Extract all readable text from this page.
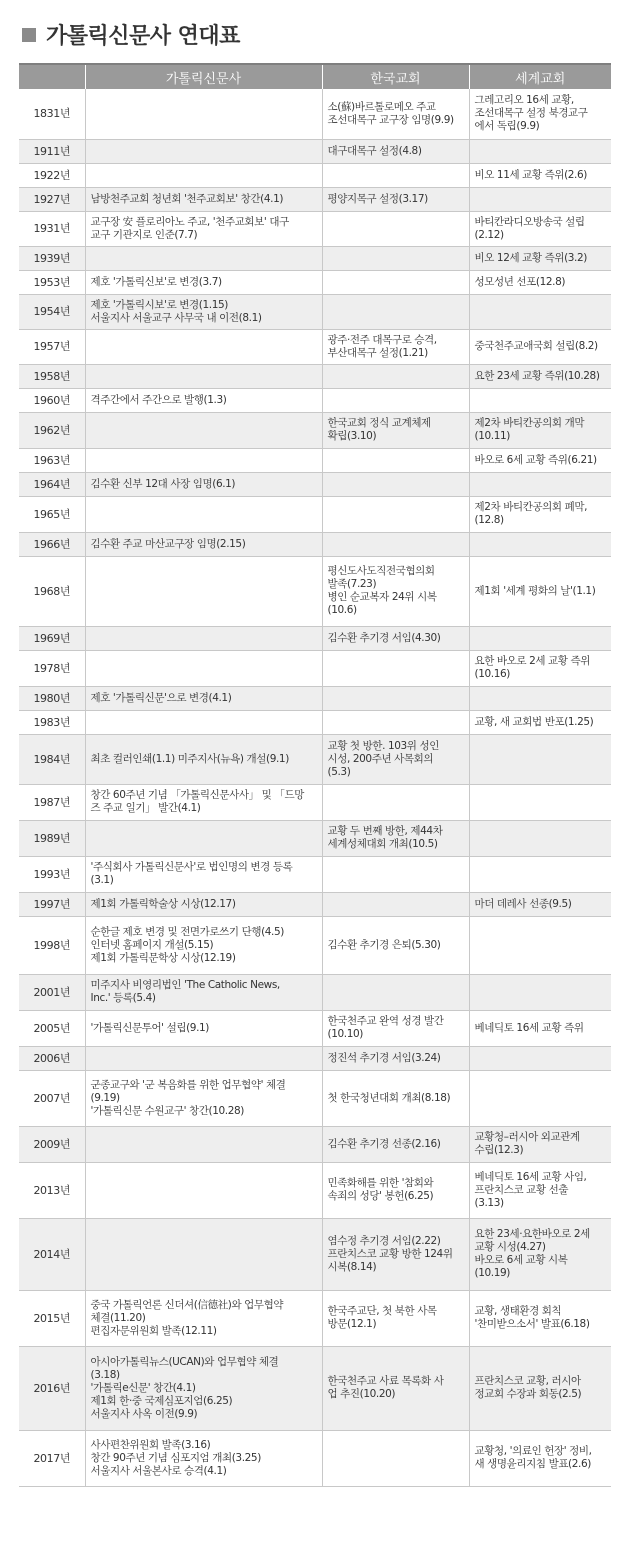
가톨릭신문사 연대표
	가톨릭신문사	한국교회	세계교회
1831년		소(蘇)바르톨로메오 주교
조선대목구 교구장 임명(9.9)	그레고리오 16세 교황,
조선대목구 설정 북경교구
에서 독립(9.9)

1911년		대구대목구 설정(4.8)	

1922년			비오 11세 교황 즉위(2.6)

1927년	남방천주교회 청년회 '천주교회보' 창간(4.1)	평양지목구 설정(3.17)	

1931년	교구장 安 플로리아노 주교, '천주교회보' 대구
교구 기관지로 인준(7.7)		바티칸라디오방송국 설립
(2.12)

1939년			비오 12세 교황 즉위(3.2)

1953년	제호 '가톨릭신보'로 변경(3.7)		성모성년 선포(12.8)

1954년	제호 '가톨릭시보'로 변경(1.15)
서울지사 서울교구 사무국 내 이전(8.1)		

1957년		광주·전주 대목구로 승격,
부산대목구 설정(1.21)	중국천주교애국회 설립(8.2)

1958년			요한 23세 교황 즉위(10.28)

1960년	격주간에서 주간으로 발행(1.3)		

1962년		한국교회 정식 교계체제
확립(3.10)	제2차 바티칸공의회 개막
(10.11)

1963년			바오로 6세 교황 즉위(6.21)

1964년	김수환 신부 12대 사장 임명(6.1)		

1965년			제2차 바티칸공의회 폐막,
(12.8)

1966년	김수환 주교 마산교구장 임명(2.15)		

1968년		평신도사도직전국협의회
발족(7.23)
병인 순교복자 24위 시복
(10.6)	제1회 '세계 평화의 날'(1.1)

1969년		김수환 추기경 서임(4.30)	

1978년			요한 바오로 2세 교황 즉위
(10.16)

1980년	제호 '가톨릭신문'으로 변경(4.1)		

1983년			교황, 새 교회법 반포(1.25)

1984년	최초 컬러인쇄(1.1) 미주지사(뉴욕) 개설(9.1)	교황 첫 방한. 103위 성인
시성, 200주년 사목회의
(5.3)	

1987년	창간 60주년 기념 「가톨릭신문사사」 및 「드망
즈 주교 일기」 발간(4.1)		

1989년		교황 두 번째 방한, 제44차
세계성체대회 개최(10.5)	

1993년	'주식회사 가톨릭신문사'로 법인명의 변경 등록
(3.1)		

1997년	제1회 가톨릭학술상 시상(12.17)		마더 데레사 선종(9.5)

1998년	순한글 제호 변경 및 전면가로쓰기 단행(4.5)
인터넷 홈페이지 개설(5.15)
제1회 가톨릭문학상 시상(12.19)	김수환 추기경 은퇴(5.30)	

2001년	미주지사 비영리법인 'The Catholic News,
Inc.' 등록(5.4)		

2005년	'가톨릭신문투어' 설립(9.1)	한국천주교 완역 성경 발간
(10.10)	베네딕토 16세 교황 즉위

2006년		정진석 추기경 서임(3.24)	

2007년	군종교구와 '군 복음화를 위한 업무협약' 체결
(9.19)
'가톨릭신문 수원교구' 창간(10.28)	첫 한국청년대회 개최(8.18)	

2009년		김수환 추기경 선종(2.16)	교황청–러시아 외교관계
수립(12.3)

2013년		민족화해를 위한 '참회와
속죄의 성당' 봉헌(6.25)	베네딕토 16세 교황 사임,
프란치스코 교황 선출
(3.13)

2014년		염수정 추기경 서임(2.22)
프란치스코 교황 방한 124위
시복(8.14)	요한 23세·요한바오로 2세
교황 시성(4.27)
바오로 6세 교황 시복
(10.19)

2015년	중국 가톨릭언론 신더셔(信德社)와 업무협약
체결(11.20)
편집자문위원회 발족(12.11)	한국주교단, 첫 북한 사목
방문(12.1)	교황, 생태환경 회칙
'찬미받으소서' 발표(6.18)

2016년	아시아가톨릭뉴스(UCAN)와 업무협약 체결
(3.18)
'가톨릭e신문' 창간(4.1)
제1회 한·중 국제심포지엄(6.25)
서울지사 사옥 이전(9.9)	한국천주교 사료 목록화 사
업 추진(10.20)	프란치스코 교황, 러시아
정교회 수장과 회동(2.5)

2017년	사사편찬위원회 발족(3.16)
창간 90주년 기념 심포지엄 개최(3.25)
서울지사 서울본사로 승격(4.1)		교황청, '의료인 헌장' 정비,
새 생명윤리지침 발표(2.6)
